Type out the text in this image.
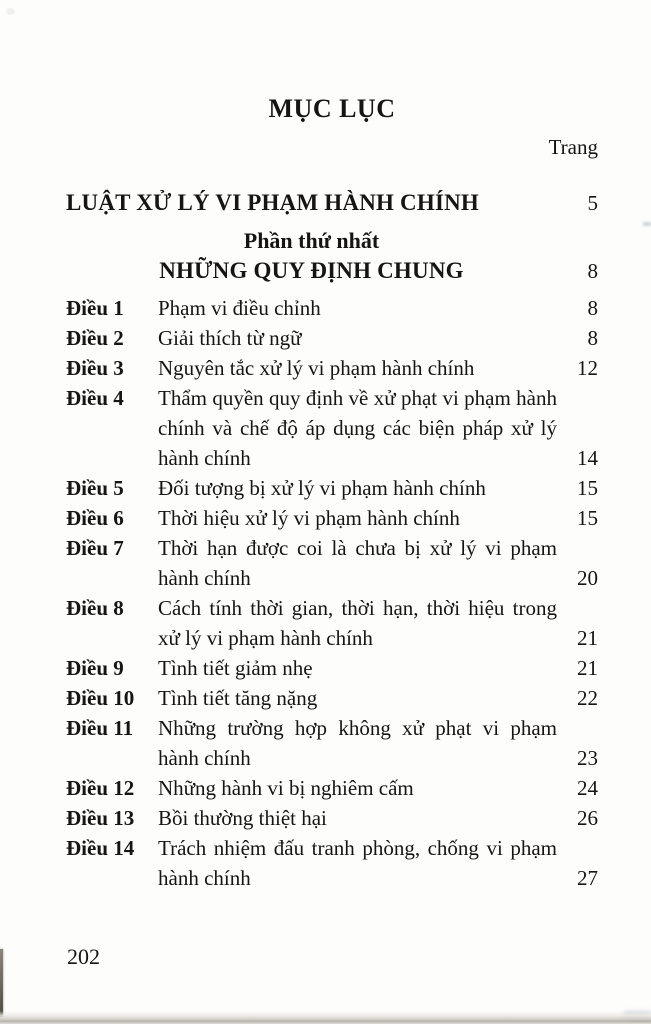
MỤC LỤC
Trang
LUẬT XỬ LÝ VI PHẠM HÀNH CHÍNH	5
Phần thứ nhất
NHỮNG QUY ĐỊNH CHUNG	8
Điều 1	Phạm vi điều chỉnh	8
Điều 2	Giải thích từ ngữ	8
Điều 3	Nguyên tắc xử lý vi phạm hành chính	12
Điều 4	Thẩm quyền quy định về xử phạt vi phạm hành chính và chế độ áp dụng các biện pháp xử lý hành chính	14
Điều 5	Đối tượng bị xử lý vi phạm hành chính	15
Điều 6	Thời hiệu xử lý vi phạm hành chính	15
Điều 7	Thời hạn được coi là chưa bị xử lý vi phạm hành chính	20
Điều 8	Cách tính thời gian, thời hạn, thời hiệu trong xử lý vi phạm hành chính	21
Điều 9	Tình tiết giảm nhẹ	21
Điều 10	Tình tiết tăng nặng	22
Điều 11	Những trường hợp không xử phạt vi phạm hành chính	23
Điều 12	Những hành vi bị nghiêm cấm	24
Điều 13	Bồi thường thiệt hại	26
Điều 14	Trách nhiệm đấu tranh phòng, chống vi phạm hành chính	27
202
